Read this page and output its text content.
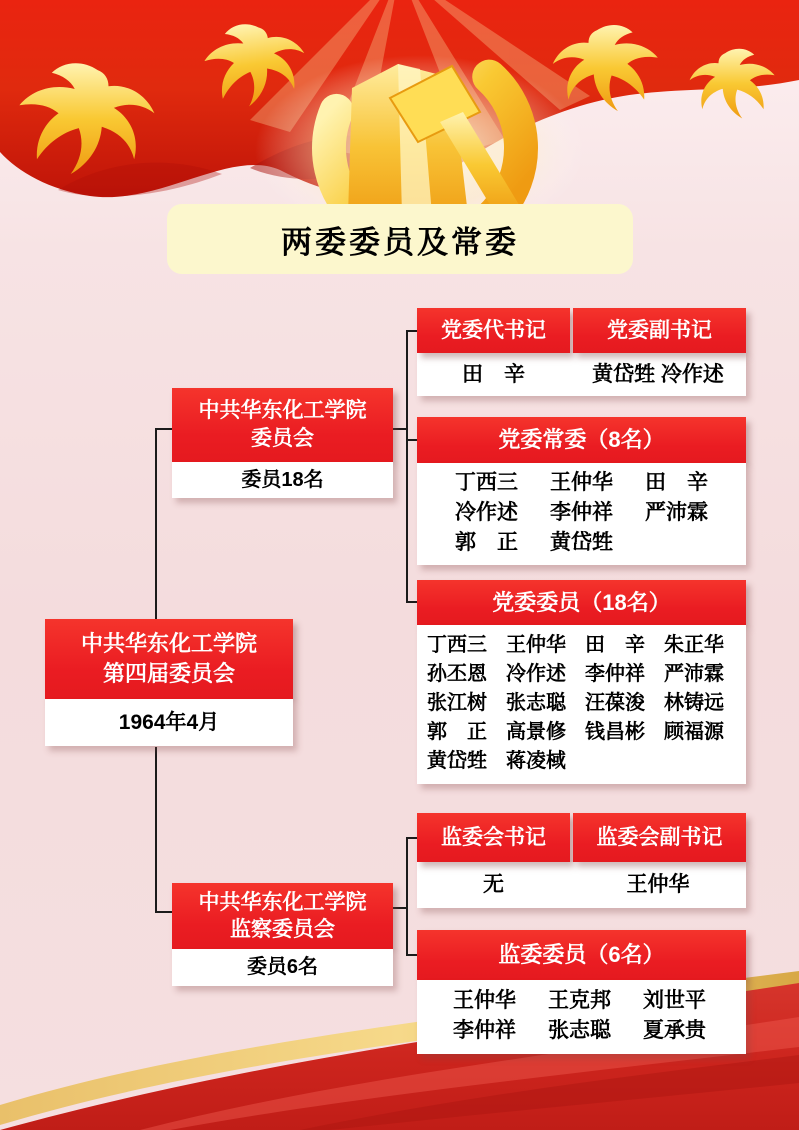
两委委员及常委
中共华东化工学院
第四届委员会
1964年4月
中共华东化工学院
委员会
委员18名
中共华东化工学院
监察委员会
委员6名
党委代书记	党委副书记
田　辛	黄岱甡 冷作述
党委常委（8名）
丁西三	王仲华	田　辛
冷作述	李仲祥	严沛霖
郭　正	黄岱甡
党委委员（18名）
丁西三 王仲华 田　辛 朱正华
孙丕恩 冷作述 李仲祥 严沛霖
张江树 张志聪 汪葆浚 林铸远
郭　正 高景修 钱昌彬 顾福源
黄岱甡 蒋凌棫
监委会书记	监委会副书记
无	王仲华
监委委员（6名）
王仲华	王克邦	刘世平
李仲祥	张志聪	夏承贵
